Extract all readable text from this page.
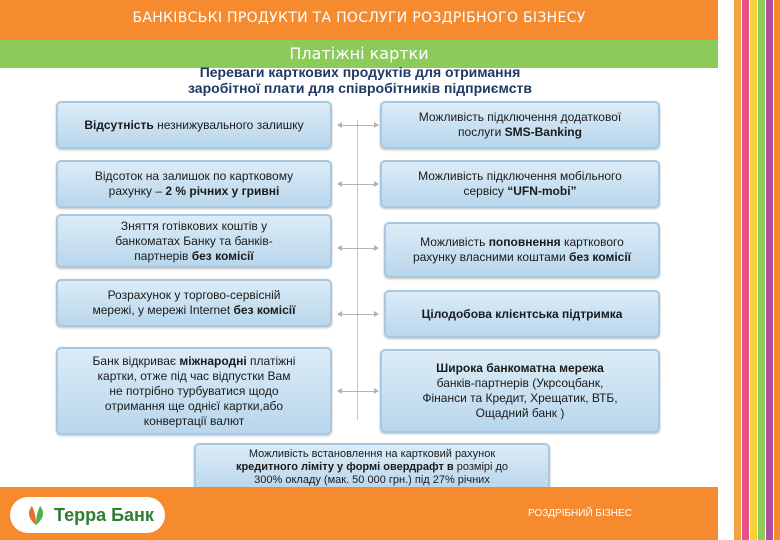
БАНКІВСЬКІ ПРОДУКТИ ТА ПОСЛУГИ РОЗДРІБНОГО БІЗНЕСУ
Платіжні картки
Переваги карткових продуктів для отримання
заробітної плати для співробітників підприємств
Відсутність незнижувального залишку
Відсоток на залишок по картковому
рахунку – 2 % річних у гривні
Зняття готівкових коштів у
банкоматах Банку та банків-
партнерів без комісії
Розрахунок у торгово-сервісній
мережі, у мережі Internet без комісії
Банк відкриває міжнародні платіжні
картки, отже під час відпустки Вам
не потрібно турбуватися щодо
отримання ще однієї картки,або
конвертації валют
Можливість підключення додаткової
послуги SMS-Banking
Можливість підключення мобільного
сервісу “UFN-mobi”
Можливість поповнення карткового
рахунку власними коштами без комісії
Цілодобова клієнтська підтримка
Широка банкоматна мережа
банків-партнерів (Укрсоцбанк,
Фінанси та Кредит, Хрещатик, ВТБ,
Ощадний банк )
Можливість встановлення на картковий рахунок
кредитного ліміту у формі овердрафт в розмірі до
300% окладу (мак. 50 000 грн.) під 27% річних
Терра Банк	РОЗДРІБНИЙ БІЗНЕС
